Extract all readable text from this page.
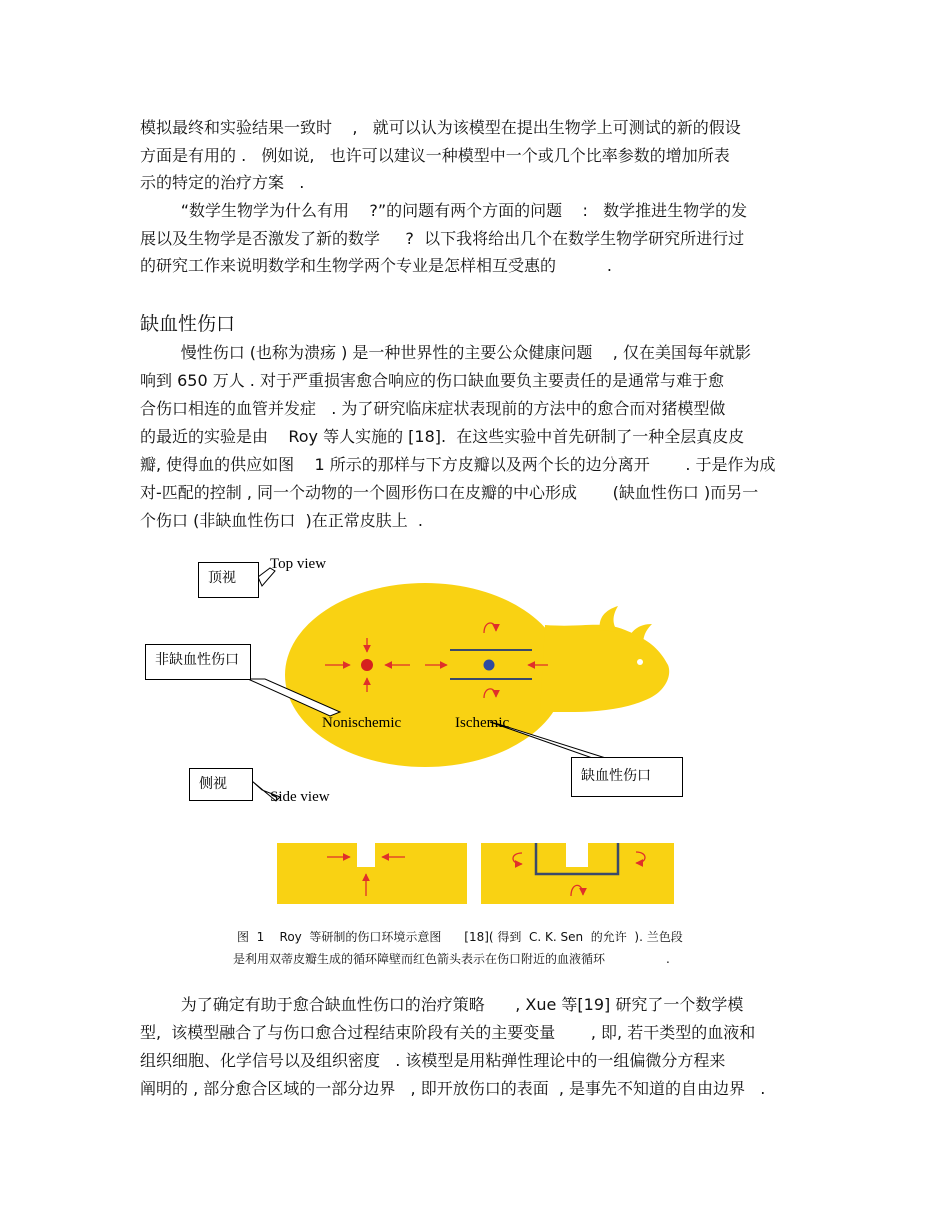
模拟最终和实验结果一致时    ,   就可以认为该模型在提出生物学上可测试的新的假设
方面是有用的 .   例如说,   也许可以建议一种模型中一个或几个比率参数的增加所表
示的特定的治疗方案   .
“数学生物学为什么有用    ?”的问题有两个方面的问题    :   数学推进生物学的发
展以及生物学是否激发了新的数学     ?  以下我将给出几个在数学生物学研究所进行过
的研究工作来说明数学和生物学两个专业是怎样相互受惠的          .
缺血性伤口
慢性伤口 (也称为溃疡 ) 是一种世界性的主要公众健康问题    , 仅在美国每年就影
响到 650 万人 . 对于严重损害愈合响应的伤口缺血要负主要责任的是通常与难于愈
合伤口相连的血管并发症   . 为了研究临床症状表现前的方法中的愈合而对猪模型做
的最近的实验是由    Roy 等人实施的 [18].  在这些实验中首先研制了一种全层真皮皮
瓣, 使得血的供应如图    1 所示的那样与下方皮瓣以及两个长的边分离开       . 于是作为成
对-匹配的控制 , 同一个动物的一个圆形伤口在皮瓣的中心形成       (缺血性伤口 )而另一
个伤口 (非缺血性伤口  )在正常皮肤上  .
Top view
Nonischemic	Ischemic
Side view
顶视
非缺血性伤口
缺血性伤口
侧视
图  1    Roy  等研制的伤口环境示意图      [18]( 得到  C. K. Sen  的允许  ). 兰色段
是利用双蒂皮瓣生成的循环障壁而红色箭头表示在伤口附近的血液循环                .
为了确定有助于愈合缺血性伤口的治疗策略      , Xue 等[19] 研究了一个数学模
型,  该模型融合了与伤口愈合过程结束阶段有关的主要变量       , 即, 若干类型的血液和
组织细胞、化学信号以及组织密度   . 该模型是用粘弹性理论中的一组偏微分方程来
阐明的 , 部分愈合区域的一部分边界   , 即开放伤口的表面  , 是事先不知道的自由边界   .
